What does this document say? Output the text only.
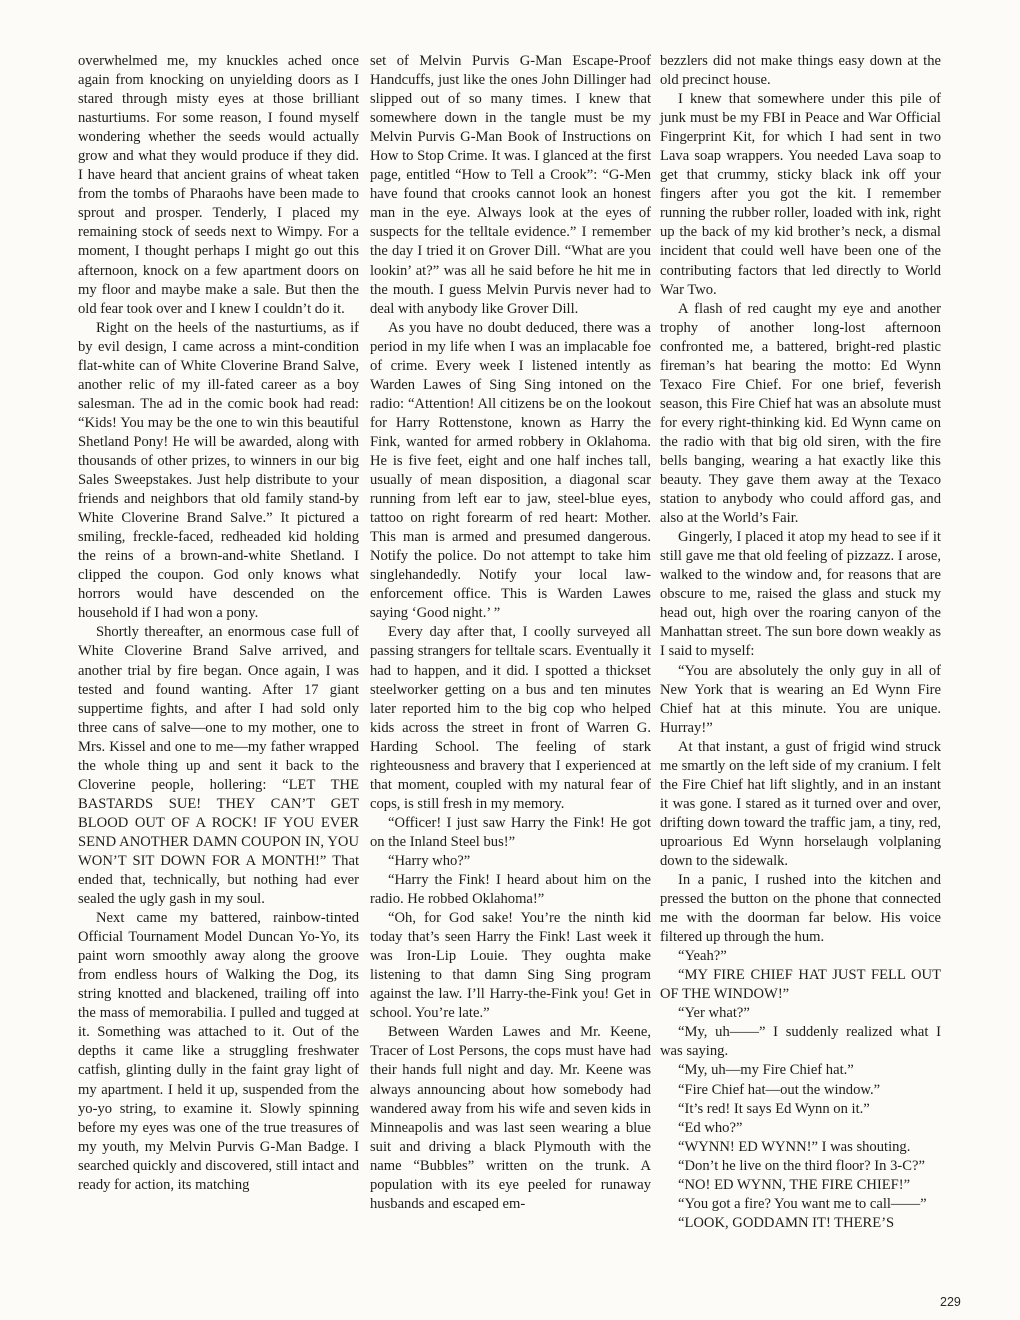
overwhelmed me, my knuckles ached once again from knocking on unyielding doors as I stared through misty eyes at those brilliant nasturtiums. For some reason, I found myself wondering whether the seeds would actually grow and what they would produce if they did. I have heard that ancient grains of wheat taken from the tombs of Pharaohs have been made to sprout and prosper. Tenderly, I placed my remaining stock of seeds next to Wimpy. For a moment, I thought perhaps I might go out this afternoon, knock on a few apartment doors on my floor and maybe make a sale. But then the old fear took over and I knew I couldn’t do it.

Right on the heels of the nasturtiums, as if by evil design, I came across a mint-condition flat-white can of White Cloverine Brand Salve, another relic of my ill-fated career as a boy salesman. The ad in the comic book had read: “Kids! You may be the one to win this beautiful Shetland Pony! He will be awarded, along with thousands of other prizes, to winners in our big Sales Sweepstakes. Just help distribute to your friends and neighbors that old family stand-by White Cloverine Brand Salve.” It pictured a smiling, freckle-faced, redheaded kid holding the reins of a brown-and-white Shetland. I clipped the coupon. God only knows what horrors would have descended on the household if I had won a pony.

Shortly thereafter, an enormous case full of White Cloverine Brand Salve arrived, and another trial by fire began. Once again, I was tested and found wanting. After 17 giant suppertime fights, and after I had sold only three cans of salve—one to my mother, one to Mrs. Kissel and one to me—my father wrapped the whole thing up and sent it back to the Cloverine people, hollering: “LET THE BASTARDS SUE! THEY CAN’T GET BLOOD OUT OF A ROCK! IF YOU EVER SEND ANOTHER DAMN COUPON IN, YOU WON’T SIT DOWN FOR A MONTH!” That ended that, technically, but nothing had ever sealed the ugly gash in my soul.

Next came my battered, rainbow-tinted Official Tournament Model Duncan Yo-Yo, its paint worn smoothly away along the groove from endless hours of Walking the Dog, its string knotted and blackened, trailing off into the mass of memorabilia. I pulled and tugged at it. Something was attached to it. Out of the depths it came like a struggling freshwater catfish, glinting dully in the faint gray light of my apartment. I held it up, suspended from the yo-yo string, to examine it. Slowly spinning before my eyes was one of the true treasures of my youth, my Melvin Purvis G-Man Badge. I searched quickly and discovered, still intact and ready for action, its matching

set of Melvin Purvis G-Man Escape-Proof Handcuffs, just like the ones John Dillinger had slipped out of so many times. I knew that somewhere down in the tangle must be my Melvin Purvis G-Man Book of Instructions on How to Stop Crime. It was. I glanced at the first page, entitled “How to Tell a Crook”: “G-Men have found that crooks cannot look an honest man in the eye. Always look at the eyes of suspects for the telltale evidence.” I remember the day I tried it on Grover Dill. “What are you lookin’ at?” was all he said before he hit me in the mouth. I guess Melvin Purvis never had to deal with anybody like Grover Dill.

As you have no doubt deduced, there was a period in my life when I was an implacable foe of crime. Every week I listened intently as Warden Lawes of Sing Sing intoned on the radio: “Attention! All citizens be on the lookout for Harry Rottenstone, known as Harry the Fink, wanted for armed robbery in Oklahoma. He is five feet, eight and one half inches tall, usually of mean disposition, a diagonal scar running from left ear to jaw, steel-blue eyes, tattoo on right forearm of red heart: Mother. This man is armed and presumed dangerous. Notify the police. Do not attempt to take him singlehandedly. Notify your local law-enforcement office. This is Warden Lawes saying ‘Good night.’ ”

Every day after that, I coolly surveyed all passing strangers for telltale scars. Eventually it had to happen, and it did. I spotted a thickset steelworker getting on a bus and ten minutes later reported him to the big cop who helped kids across the street in front of Warren G. Harding School. The feeling of stark righteousness and bravery that I experienced at that moment, coupled with my natural fear of cops, is still fresh in my memory.

“Officer! I just saw Harry the Fink! He got on the Inland Steel bus!”

“Harry who?”

“Harry the Fink! I heard about him on the radio. He robbed Oklahoma!”

“Oh, for God sake! You’re the ninth kid today that’s seen Harry the Fink! Last week it was Iron-Lip Louie. They oughta make listening to that damn Sing Sing program against the law. I’ll Harry-the-Fink you! Get in school. You’re late.”

Between Warden Lawes and Mr. Keene, Tracer of Lost Persons, the cops must have had their hands full night and day. Mr. Keene was always announcing about how somebody had wandered away from his wife and seven kids in Minneapolis and was last seen wearing a blue suit and driving a black Plymouth with the name “Bubbles” written on the trunk. A population with its eye peeled for runaway husbands and escaped em-

bezzlers did not make things easy down at the old precinct house.

I knew that somewhere under this pile of junk must be my FBI in Peace and War Official Fingerprint Kit, for which I had sent in two Lava soap wrappers. You needed Lava soap to get that crummy, sticky black ink off your fingers after you got the kit. I remember running the rubber roller, loaded with ink, right up the back of my kid brother’s neck, a dismal incident that could well have been one of the contributing factors that led directly to World War Two.

A flash of red caught my eye and another trophy of another long-lost afternoon confronted me, a battered, bright-red plastic fireman’s hat bearing the motto: Ed Wynn Texaco Fire Chief. For one brief, feverish season, this Fire Chief hat was an absolute must for every right-thinking kid. Ed Wynn came on the radio with that big old siren, with the fire bells banging, wearing a hat exactly like this beauty. They gave them away at the Texaco station to anybody who could afford gas, and also at the World’s Fair.

Gingerly, I placed it atop my head to see if it still gave me that old feeling of pizzazz. I arose, walked to the window and, for reasons that are obscure to me, raised the glass and stuck my head out, high over the roaring canyon of the Manhattan street. The sun bore down weakly as I said to myself:

“You are absolutely the only guy in all of New York that is wearing an Ed Wynn Fire Chief hat at this minute. You are unique. Hurray!”

At that instant, a gust of frigid wind struck me smartly on the left side of my cranium. I felt the Fire Chief hat lift slightly, and in an instant it was gone. I stared as it turned over and over, drifting down toward the traffic jam, a tiny, red, uproarious Ed Wynn horselaugh volplaning down to the sidewalk.

In a panic, I rushed into the kitchen and pressed the button on the phone that connected me with the doorman far below. His voice filtered up through the hum.

“Yeah?”

“MY FIRE CHIEF HAT JUST FELL OUT OF THE WINDOW!”

“Yer what?”

“My, uh——” I suddenly realized what I was saying.

“My, uh—my Fire Chief hat.”

“Fire Chief hat—out the window.”

“It’s red! It says Ed Wynn on it.”

“Ed who?”

“WYNN! ED WYNN!” I was shouting.

“Don’t he live on the third floor? In 3-C?”

“NO! ED WYNN, THE FIRE CHIEF!”

“You got a fire? You want me to call——”

“LOOK, GODDAMN IT! THERE’S

229
